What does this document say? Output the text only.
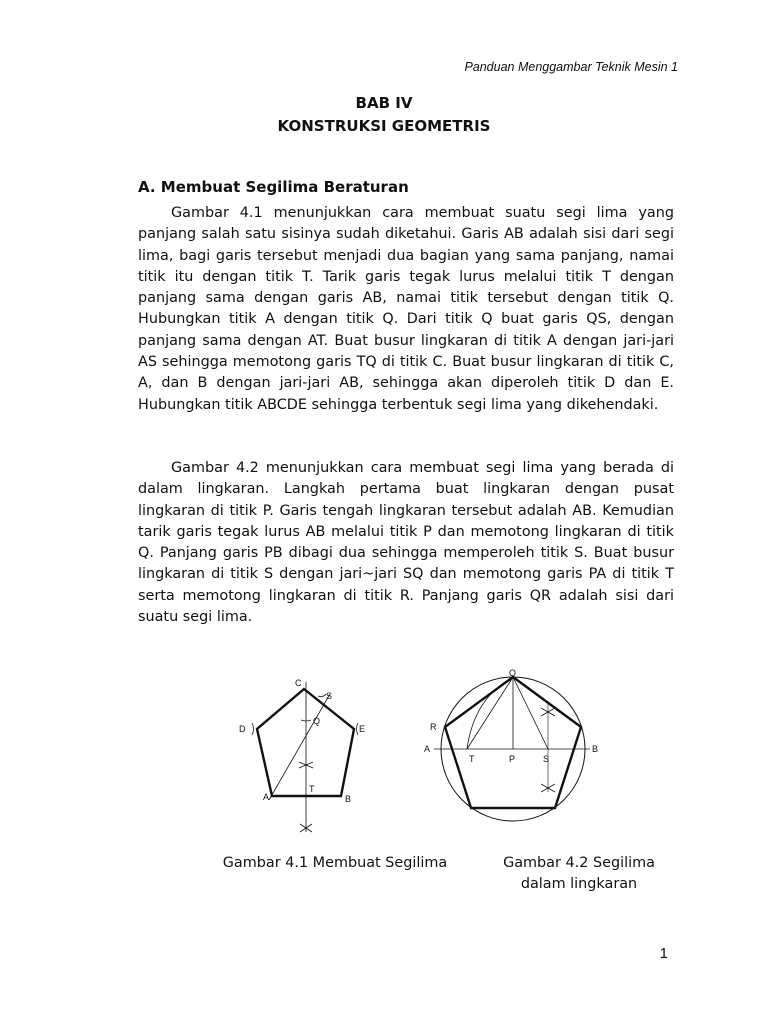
Panduan Menggambar Teknik Mesin 1
BAB IV
KONSTRUKSI GEOMETRIS
A. Membuat Segilima Beraturan

Gambar 4.1 menunjukkan cara membuat suatu segi lima yang panjang salah satu sisinya sudah diketahui. Garis AB adalah sisi dari segi lima, bagi garis tersebut menjadi dua bagian yang sama panjang, namai titik itu dengan titik T. Tarik garis tegak lurus melalui titik T dengan panjang sama dengan garis AB, namai titik tersebut dengan titik Q. Hubungkan titik A dengan titik Q. Dari titik Q buat garis QS, dengan panjang sama dengan AT. Buat busur lingkaran di titik A dengan jari-jari AS sehingga memotong garis TQ di titik C. Buat busur lingkaran di titik C, A, dan B dengan jari-jari AB, sehingga akan diperoleh titik D dan E. Hubungkan titik ABCDE sehingga terbentuk segi lima yang dikehendaki.

Gambar 4.2 menunjukkan cara membuat segi lima yang berada di dalam lingkaran. Langkah pertama buat lingkaran dengan pusat lingkaran di titik P. Garis tengah lingkaran tersebut adalah AB. Kemudian tarik garis tegak lurus AB melalui titik P dan memotong lingkaran di titik Q. Panjang garis PB dibagi dua sehingga memperoleh titik S. Buat busur lingkaran di titik S dengan jari~jari SQ dan memotong garis PA di titik T serta memotong lingkaran di titik R. Panjang garis QR adalah sisi dari suatu segi lima.

C
S
Q
D	E
T
A	B
Q
R
A
T	P	S
B
Gambar 4.1 Membuat Segilima	Gambar 4.2 Segilima
dalam lingkaran
1
